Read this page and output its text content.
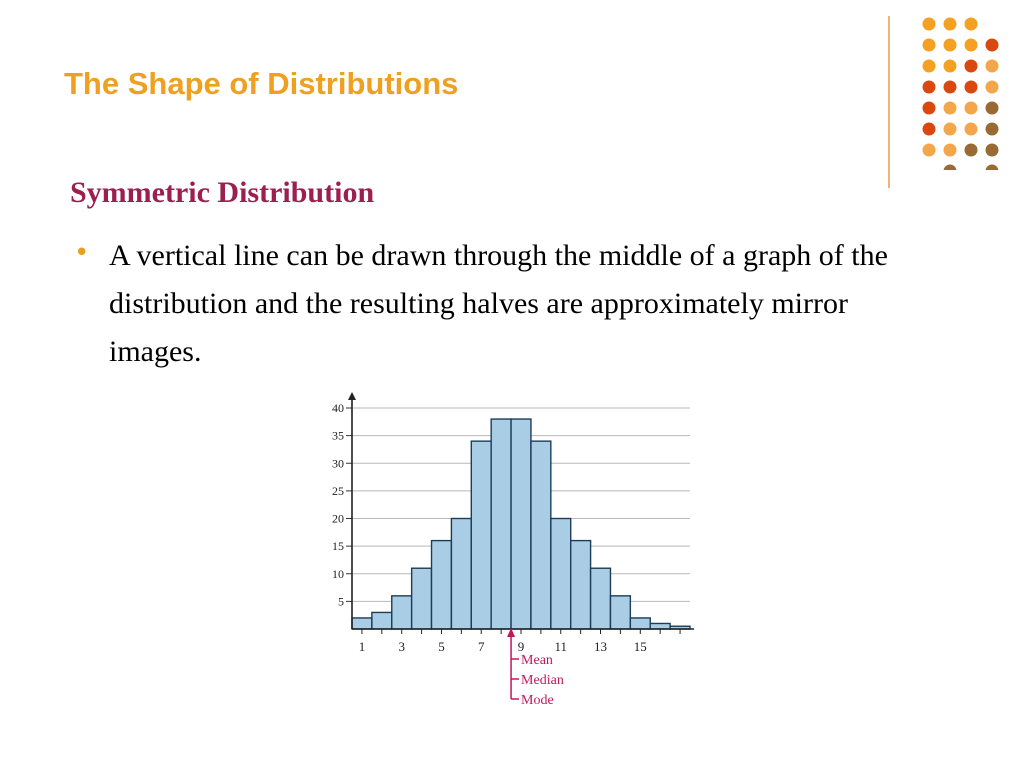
The Shape of Distributions
Symmetric Distribution
• A vertical line can be drawn through the middle of a graph of the distribution and the resulting halves are approximately mirror images.
5
10
15
20
25
30
35
40
1	3	5	7	9 11 13 15
Mean
Median
Mode
